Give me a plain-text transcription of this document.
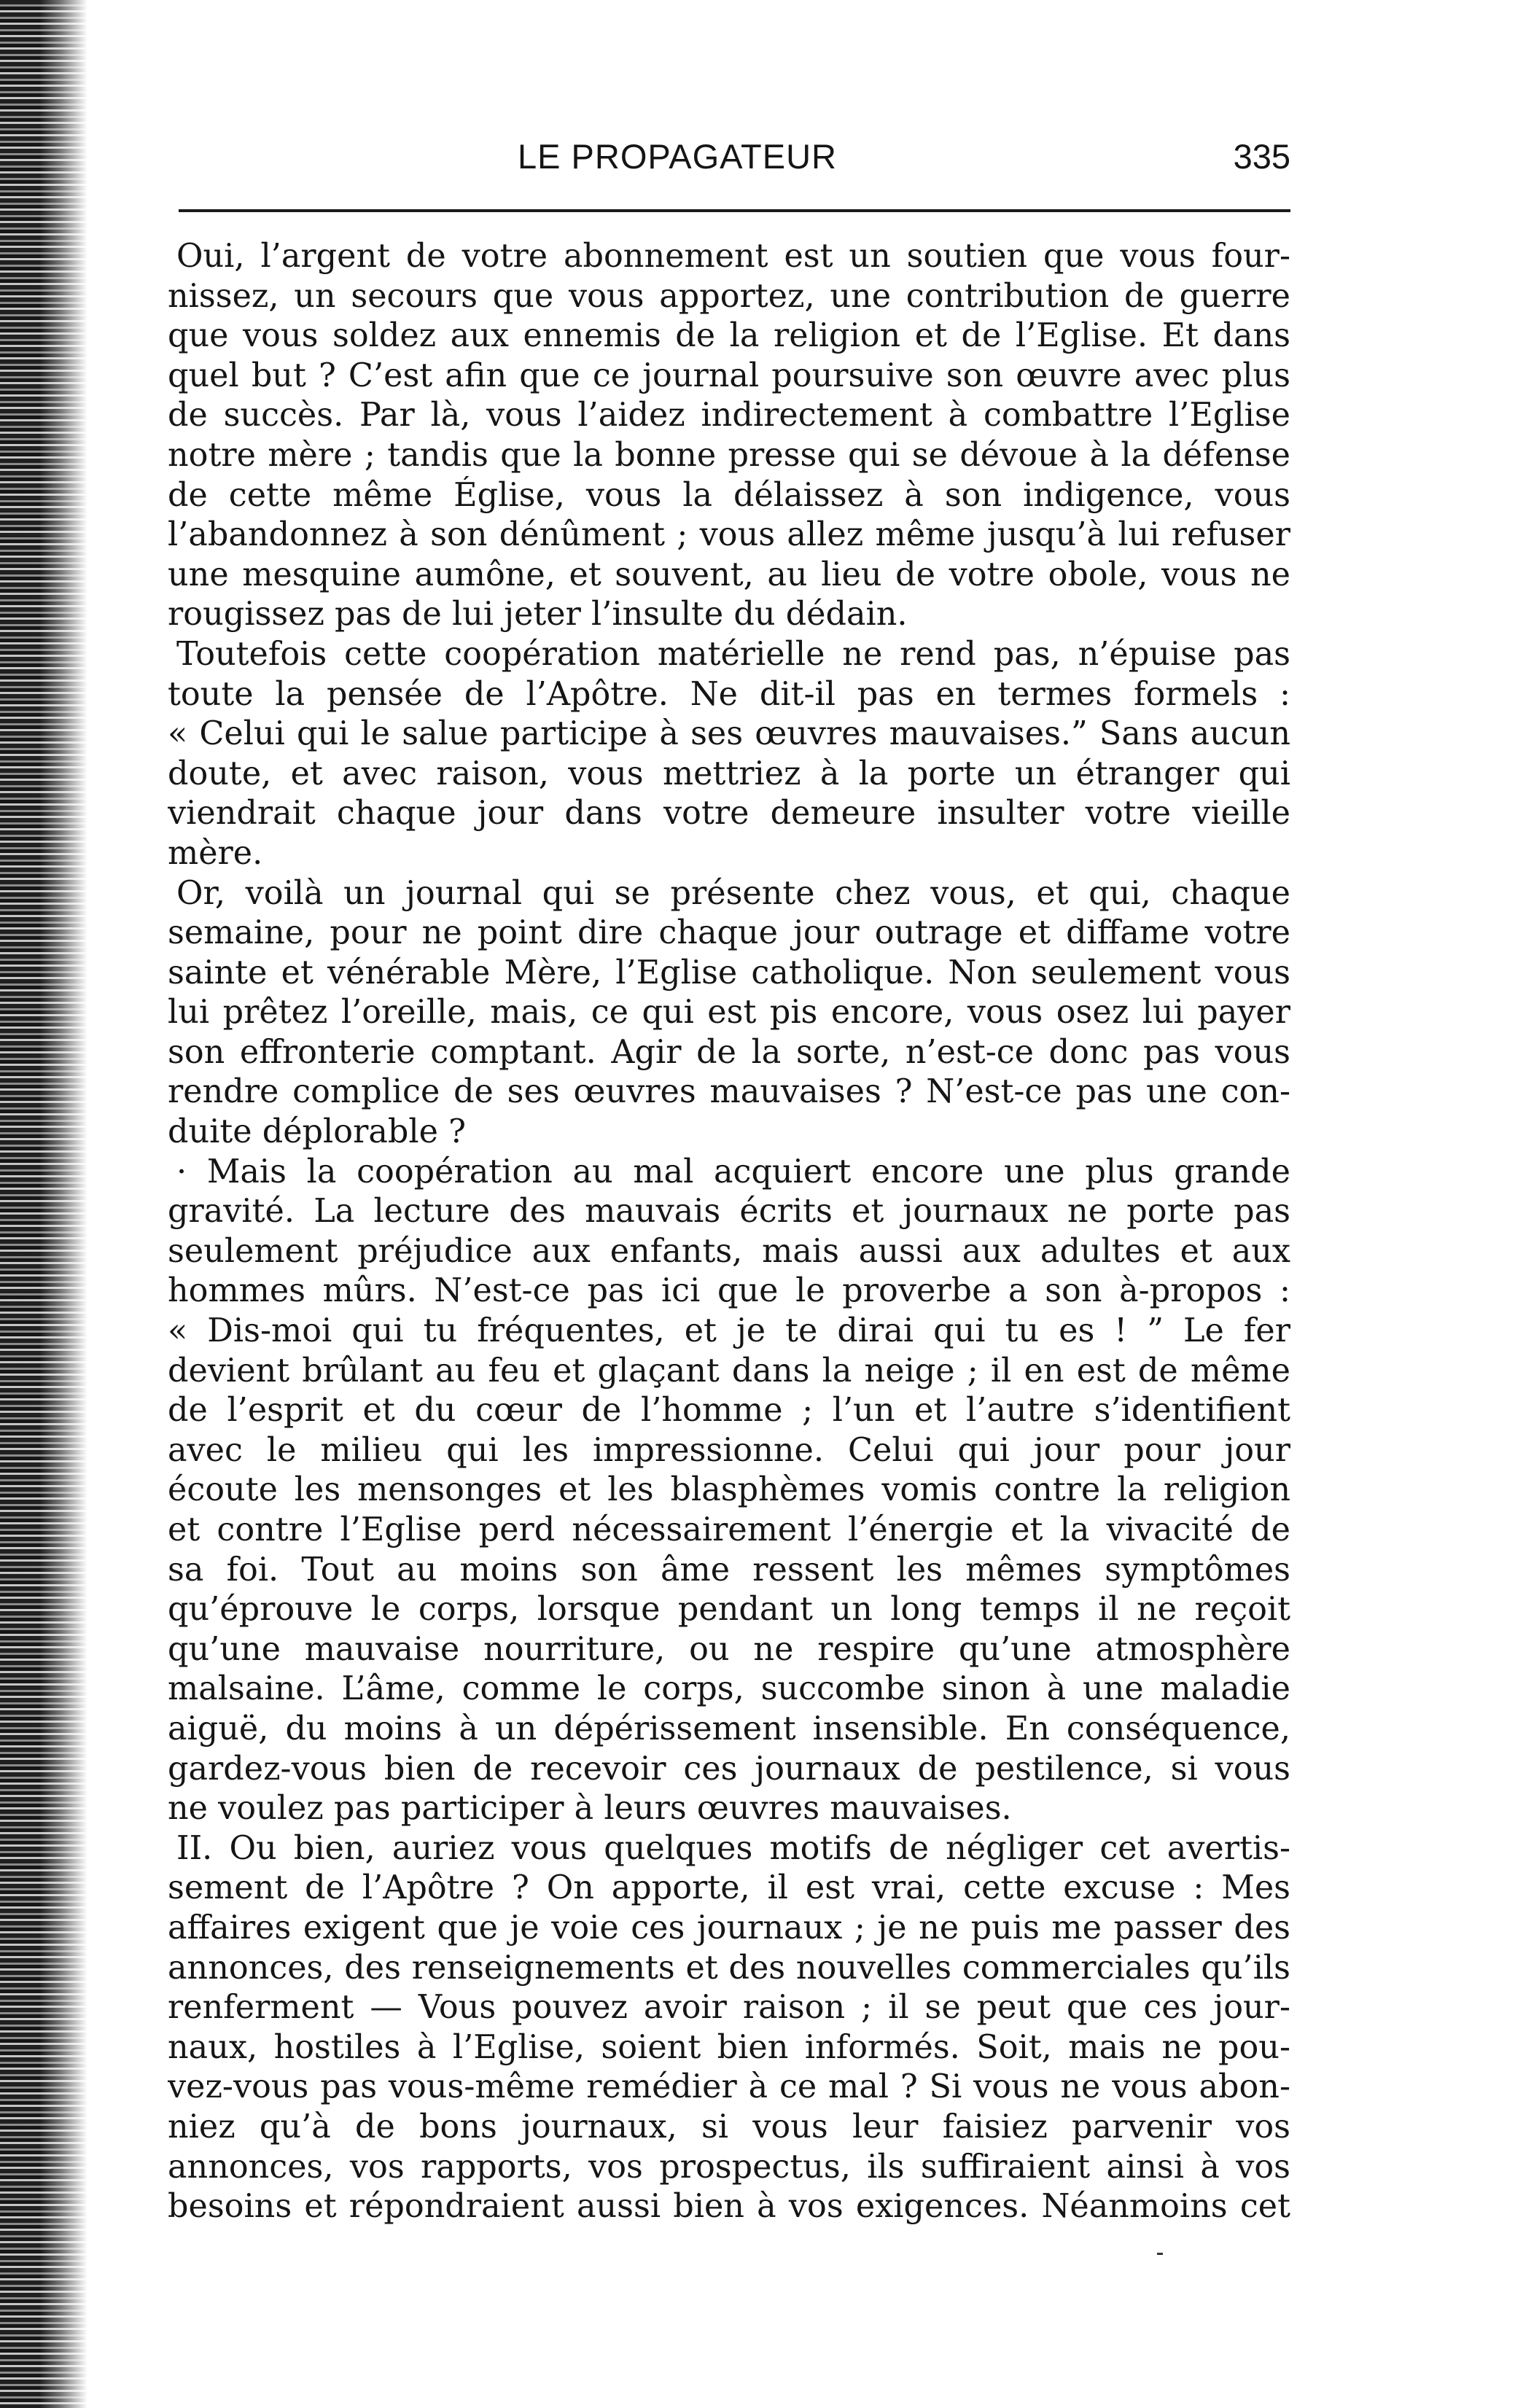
LE PROPAGATEUR	335
Oui, l’argent de votre abonnement est un soutien que vous four-
nissez, un secours que vous apportez, une contribution de guerre
que vous soldez aux ennemis de la religion et de l’Eglise. Et dans
quel but ? C’est afin que ce journal poursuive son œuvre avec plus
de succès. Par là, vous l’aidez indirectement à combattre l’Eglise
notre mère ; tandis que la bonne presse qui se dévoue à la défense
de cette même Église, vous la délaissez à son indigence, vous
l’abandonnez à son dénûment ; vous allez même jusqu’à lui refuser
une mesquine aumône, et souvent, au lieu de votre obole, vous ne
rougissez pas de lui jeter l’insulte du dédain.
Toutefois cette coopération matérielle ne rend pas, n’épuise pas
toute la pensée de l’Apôtre. Ne dit-il pas en termes formels :
« Celui qui le salue participe à ses œuvres mauvaises.” Sans aucun
doute, et avec raison, vous mettriez à la porte un étranger qui
viendrait chaque jour dans votre demeure insulter votre vieille
mère.
Or, voilà un journal qui se présente chez vous, et qui, chaque
semaine, pour ne point dire chaque jour outrage et diffame votre
sainte et vénérable Mère, l’Eglise catholique. Non seulement vous
lui prêtez l’oreille, mais, ce qui est pis encore, vous osez lui payer
son effronterie comptant. Agir de la sorte, n’est-ce donc pas vous
rendre complice de ses œuvres mauvaises ? N’est-ce pas une con-
duite déplorable ?
· Mais la coopération au mal acquiert encore une plus grande
gravité. La lecture des mauvais écrits et journaux ne porte pas
seulement préjudice aux enfants, mais aussi aux adultes et aux
hommes mûrs. N’est-ce pas ici que le proverbe a son à-propos :
« Dis-moi qui tu fréquentes, et je te dirai qui tu es ! ” Le fer
devient brûlant au feu et glaçant dans la neige ; il en est de même
de l’esprit et du cœur de l’homme ; l’un et l’autre s’identifient
avec le milieu qui les impressionne. Celui qui jour pour jour
écoute les mensonges et les blasphèmes vomis contre la religion
et contre l’Eglise perd nécessairement l’énergie et la vivacité de
sa foi. Tout au moins son âme ressent les mêmes symptômes
qu’éprouve le corps, lorsque pendant un long temps il ne reçoit
qu’une mauvaise nourriture, ou ne respire qu’une atmosphère
malsaine. L’âme, comme le corps, succombe sinon à une maladie
aiguë, du moins à un dépérissement insensible. En conséquence,
gardez-vous bien de recevoir ces journaux de pestilence, si vous
ne voulez pas participer à leurs œuvres mauvaises.
II. Ou bien, auriez vous quelques motifs de négliger cet avertis-
sement de l’Apôtre ? On apporte, il est vrai, cette excuse : Mes
affaires exigent que je voie ces journaux ; je ne puis me passer des
annonces, des renseignements et des nouvelles commerciales qu’ils
renferment — Vous pouvez avoir raison ; il se peut que ces jour-
naux, hostiles à l’Eglise, soient bien informés. Soit, mais ne pou-
vez-vous pas vous-même remédier à ce mal ? Si vous ne vous abon-
niez qu’à de bons journaux, si vous leur faisiez parvenir vos
annonces, vos rapports, vos prospectus, ils suffiraient ainsi à vos
besoins et répondraient aussi bien à vos exigences. Néanmoins cet
